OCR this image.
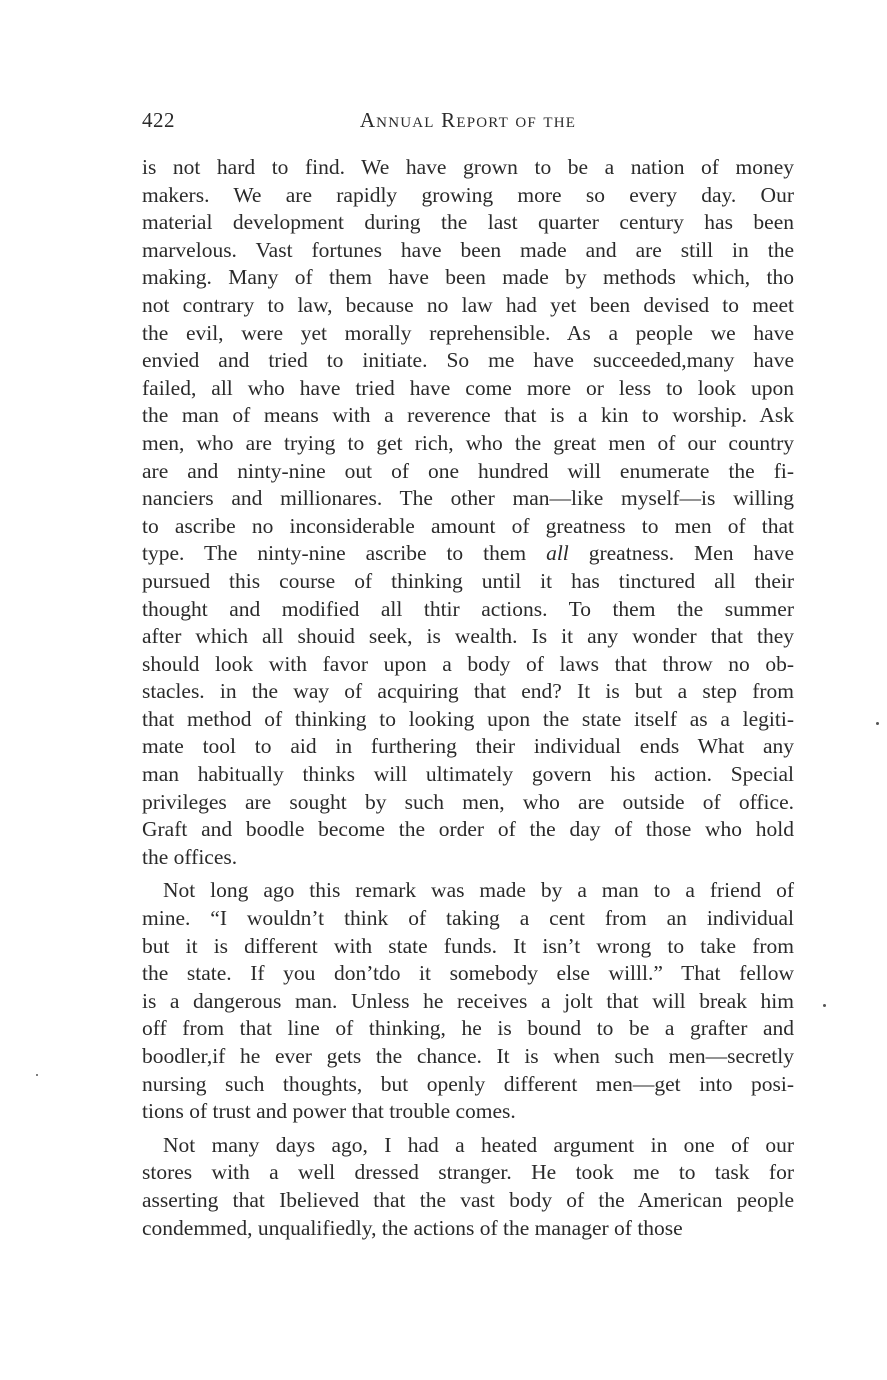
422	Annual Report of the
is not hard to find. We have grown to be a nation of money
makers. We are rapidly growing more so every day. Our
material development during the last quarter century has been
marvelous. Vast fortunes have been made and are still in the
making. Many of them have been made by methods which, tho
not contrary to law, because no law had yet been devised to meet
the evil, were yet morally reprehensible. As a people we have
envied and tried to initiate. So me have succeeded,many have
failed, all who have tried have come more or less to look upon
the man of means with a reverence that is a kin to worship. Ask
men, who are trying to get rich, who the great men of our country
are and ninty-nine out of one hundred will enumerate the fi-
nanciers and millionares. The other man—like myself—is willing
to ascribe no inconsiderable amount of greatness to men of that
type. The ninty-nine ascribe to them all greatness. Men have
pursued this course of thinking until it has tinctured all their
thought and modified all thtir actions. To them the summer
after which all shouid seek, is wealth. Is it any wonder that they
should look with favor upon a body of laws that throw no ob-
stacles. in the way of acquiring that end? It is but a step from
that method of thinking to looking upon the state itself as a legiti-
mate tool to aid in furthering their individual ends What any
man habitually thinks will ultimately govern his action. Special
privileges are sought by such men, who are outside of office.
Graft and boodle become the order of the day of those who hold
the offices.
Not long ago this remark was made by a man to a friend of
mine. “I wouldn’t think of taking a cent from an individual
but it is different with state funds. It isn’t wrong to take from
the state. If you don’tdo it somebody else willl.” That fellow
is a dangerous man. Unless he receives a jolt that will break him
off from that line of thinking, he is bound to be a grafter and
boodler,if he ever gets the chance. It is when such men—secretly
nursing such thoughts, but openly different men—get into posi-
tions of trust and power that trouble comes.
Not many days ago, I had a heated argument in one of our
stores with a well dressed stranger. He took me to task for
asserting that Ibelieved that the vast body of the American people
condemmed, unqualifiedly, the actions of the manager of those
